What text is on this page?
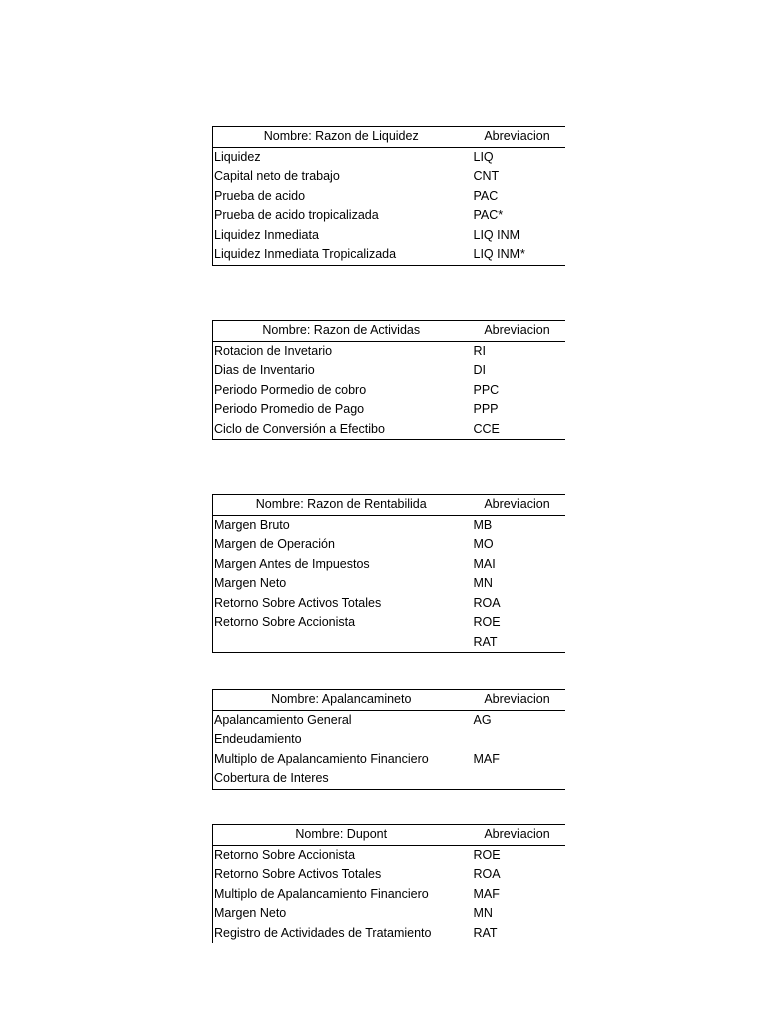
Nombre: Razon de Liquidez	Abreviacion
Liquidez	LIQ
Capital neto de trabajo	CNT
Prueba de acido	PAC
Prueba de acido tropicalizada	PAC*
Liquidez Inmediata	LIQ INM
Liquidez Inmediata Tropicalizada	LIQ INM*
Nombre: Razon de Actividas	Abreviacion
Rotacion de Invetario	RI
Dias de Inventario	DI
Periodo Pormedio de cobro	PPC
Periodo Promedio de Pago	PPP
Ciclo de Conversión a Efectibo	CCE
Nombre: Razon de Rentabilida	Abreviacion
Margen Bruto	MB
Margen de Operación	MO
Margen Antes de Impuestos	MAI
Margen Neto	MN
Retorno Sobre Activos Totales	ROA
Retorno Sobre Accionista	ROE
	RAT
Nombre: Apalancamineto	Abreviacion
Apalancamiento General	AG
Endeudamiento	
Multiplo de Apalancamiento Financiero	MAF
Cobertura de Interes	
Nombre: Dupont	Abreviacion
Retorno Sobre Accionista	ROE
Retorno Sobre Activos Totales	ROA
Multiplo de Apalancamiento Financiero	MAF
Margen Neto	MN
Registro de Actividades de Tratamiento	RAT
